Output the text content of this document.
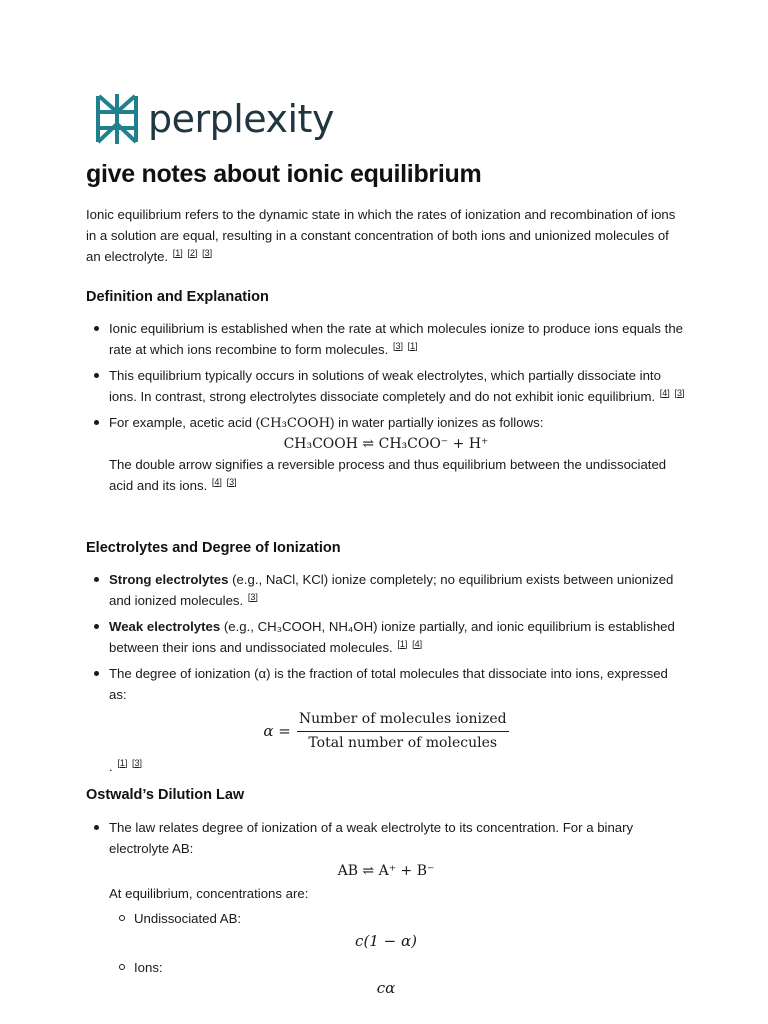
perplexity
give notes about ionic equilibrium

Ionic equilibrium refers to the dynamic state in which the rates of ionization and recombination of ions in a solution are equal, resulting in a constant concentration of both ions and unionized molecules of an electrolyte. [1] [2] [3]

Definition and Explanation
Ionic equilibrium is established when the rate at which molecules ionize to produce ions equals the rate at which ions recombine to form molecules. [3] [1]
This equilibrium typically occurs in solutions of weak electrolytes, which partially dissociate into ions. In contrast, strong electrolytes dissociate completely and do not exhibit ionic equilibrium. [4] [3]
For example, acetic acid (CH₃COOH) in water partially ionizes as follows:
CH₃COOH ⇌ CH₃COO⁻ + H⁺
The double arrow signifies a reversible process and thus equilibrium between the undissociated acid and its ions. [4] [3]
Electrolytes and Degree of Ionization
Strong electrolytes (e.g., NaCl, KCl) ionize completely; no equilibrium exists between unionized and ionized molecules. [3]
Weak electrolytes (e.g., CH₃COOH, NH₄OH) ionize partially, and ionic equilibrium is established between their ions and undissociated molecules. [1] [4]
The degree of ionization (α) is the fraction of total molecules that dissociate into ions, expressed as:
$\alpha = \frac{\text{Number of molecules ionized}}{\text{Total number of molecules}}$
. [1] [3]
Ostwald’s Dilution Law
The law relates degree of ionization of a weak electrolyte to its concentration. For a binary electrolyte AB:
AB ⇌ A⁺ + B⁻
At equilibrium, concentrations are:
Undissociated AB:
c(1 − α)
Ions:
cα
